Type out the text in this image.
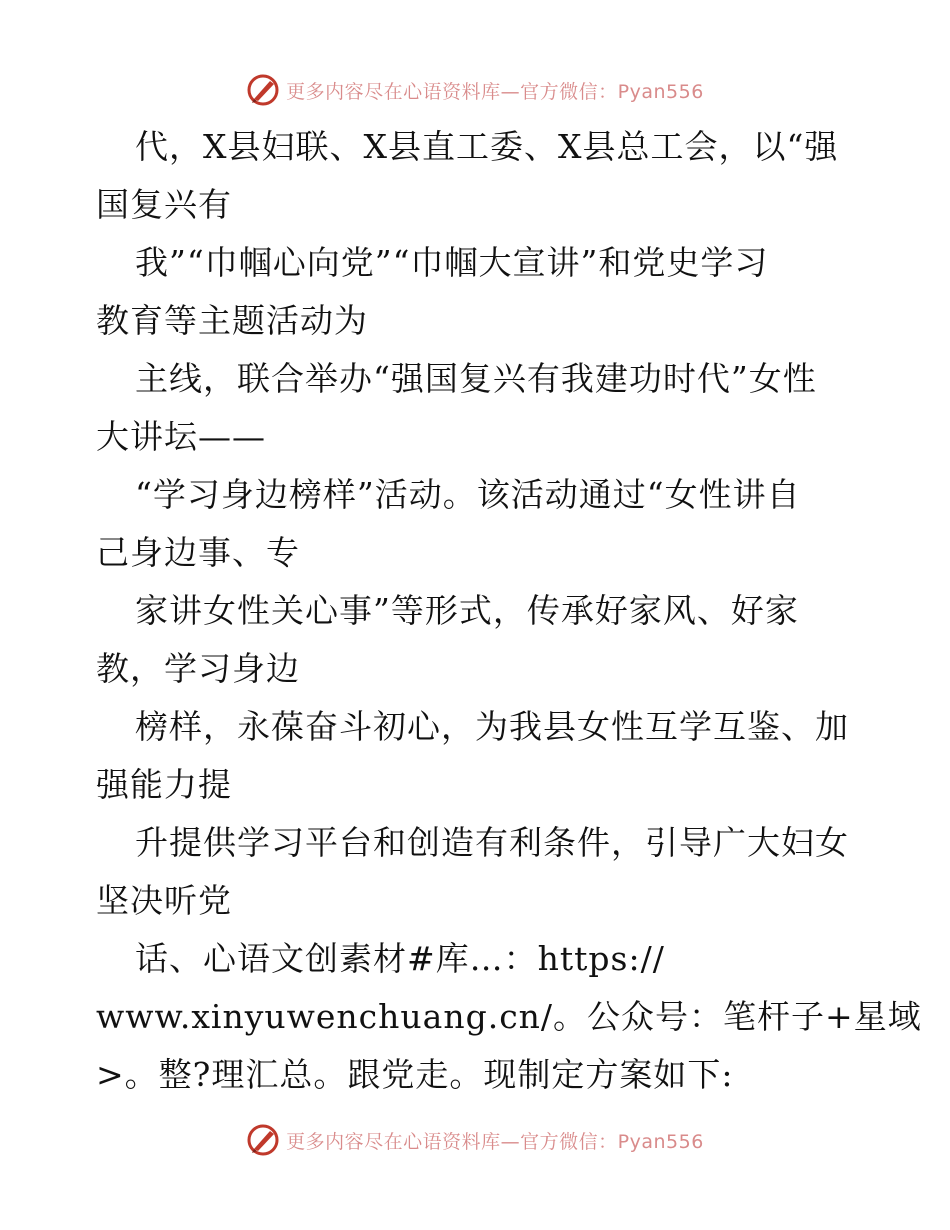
更多内容尽在心语资料库—官方微信：Pyan556
代，X县妇联、X县直工委、X县总工会，以“强
国复兴有
我”“巾帼心向党”“巾帼大宣讲”和党史学习
教育等主题活动为
主线，联合举办“强国复兴有我建功时代”女性
大讲坛——
“学习身边榜样”活动。该活动通过“女性讲自
己身边事、专
家讲女性关心事”等形式，传承好家风、好家
教，学习身边
榜样，永葆奋斗初心，为我县女性互学互鉴、加
强能力提
升提供学习平台和创造有利条件，引导广大妇女
坚决听党
话、心语文创素材#库…：https://
www.xinyuwenchuang.cn/。公众号：笔杆子+星域
>。整?理汇总。跟党走。现制定方案如下:
更多内容尽在心语资料库—官方微信：Pyan556
